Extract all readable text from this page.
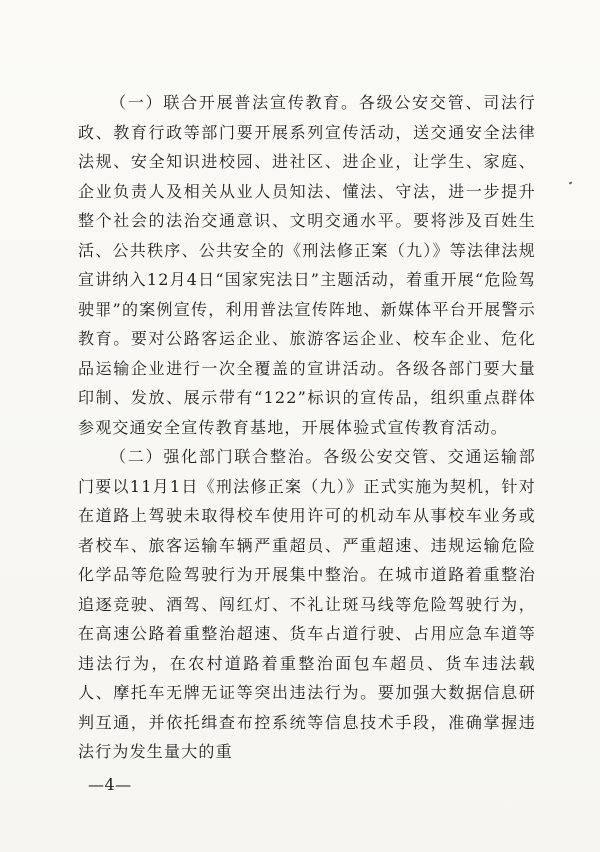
（一）联合开展普法宣传教育。各级公安交管、司法行政、教育行政等部门要开展系列宣传活动，送交通安全法律法规、安全知识进校园、进社区、进企业，让学生、家庭、企业负责人及相关从业人员知法、懂法、守法，进一步提升整个社会的法治交通意识、文明交通水平。要将涉及百姓生活、公共秩序、公共安全的《刑法修正案（九）》等法律法规宣讲纳入12月4日“国家宪法日”主题活动，着重开展“危险驾驶罪”的案例宣传，利用普法宣传阵地、新媒体平台开展警示教育。要对公路客运企业、旅游客运企业、校车企业、危化品运输企业进行一次全覆盖的宣讲活动。各级各部门要大量印制、发放、展示带有“122”标识的宣传品，组织重点群体参观交通安全宣传教育基地，开展体验式宣传教育活动。

（二）强化部门联合整治。各级公安交管、交通运输部门要以11月1日《刑法修正案（九）》正式实施为契机，针对在道路上驾驶未取得校车使用许可的机动车从事校车业务或者校车、旅客运输车辆严重超员、严重超速、违规运输危险化学品等危险驾驶行为开展集中整治。在城市道路着重整治追逐竞驶、酒驾、闯红灯、不礼让斑马线等危险驾驶行为，在高速公路着重整治超速、货车占道行驶、占用应急车道等违法行为，在农村道路着重整治面包车超员、货车违法载人、摩托车无牌无证等突出违法行为。要加强大数据信息研判互通，并依托缉查布控系统等信息技术手段，准确掌握违法行为发生量大的重

—4—
